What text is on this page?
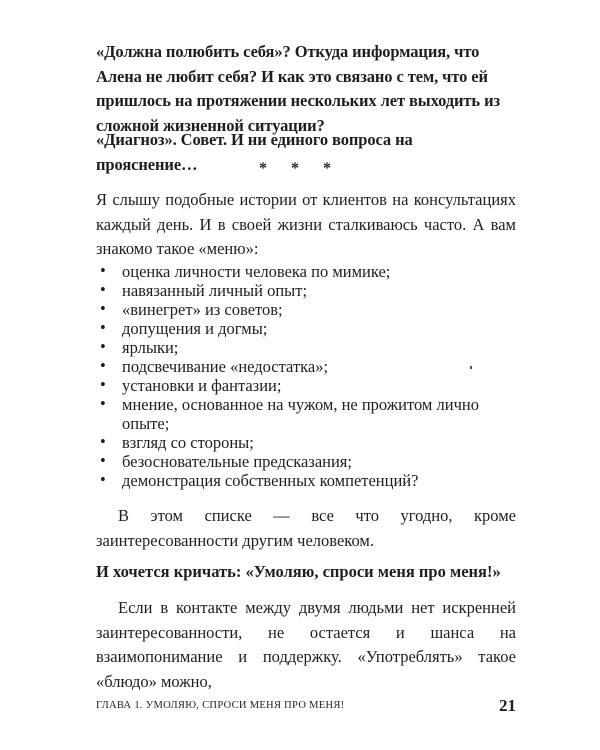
«Должна полюбить себя»? Откуда информация, что Алена не любит себя? И как это связано с тем, что ей пришлось на протяжении нескольких лет выходить из сложной жизненной ситуации?

«Диагноз». Совет. И ни единого вопроса на прояснение…	* * *

Я слышу подобные истории от клиентов на консультациях каждый день. И в своей жизни сталкиваюсь часто. А вам знакомо такое «меню»:

• оценка личности человека по мимике;
• навязанный личный опыт;
• «винегрет» из советов;
• допущения и догмы;
• ярлыки;
• подсвечивание «недостатка»;
• установки и фантазии;
• мнение, основанное на чужом, не прожитом лично опыте;
• взгляд со стороны;
• безосновательные предсказания;
• демонстрация собственных компетенций?

В этом списке — все что угодно, кроме заинтересованности другим человеком.

И хочется кричать: «Умоляю, спроси меня про меня!»

Если в контакте между двумя людьми нет искренней заинтересованности, не остается и шанса на взаимопонимание и поддержку. «Употреблять» такое «блюдо» можно,

ГЛАВА 1. УМОЛЯЮ, СПРОСИ МЕНЯ ПРО МЕНЯ!	21
